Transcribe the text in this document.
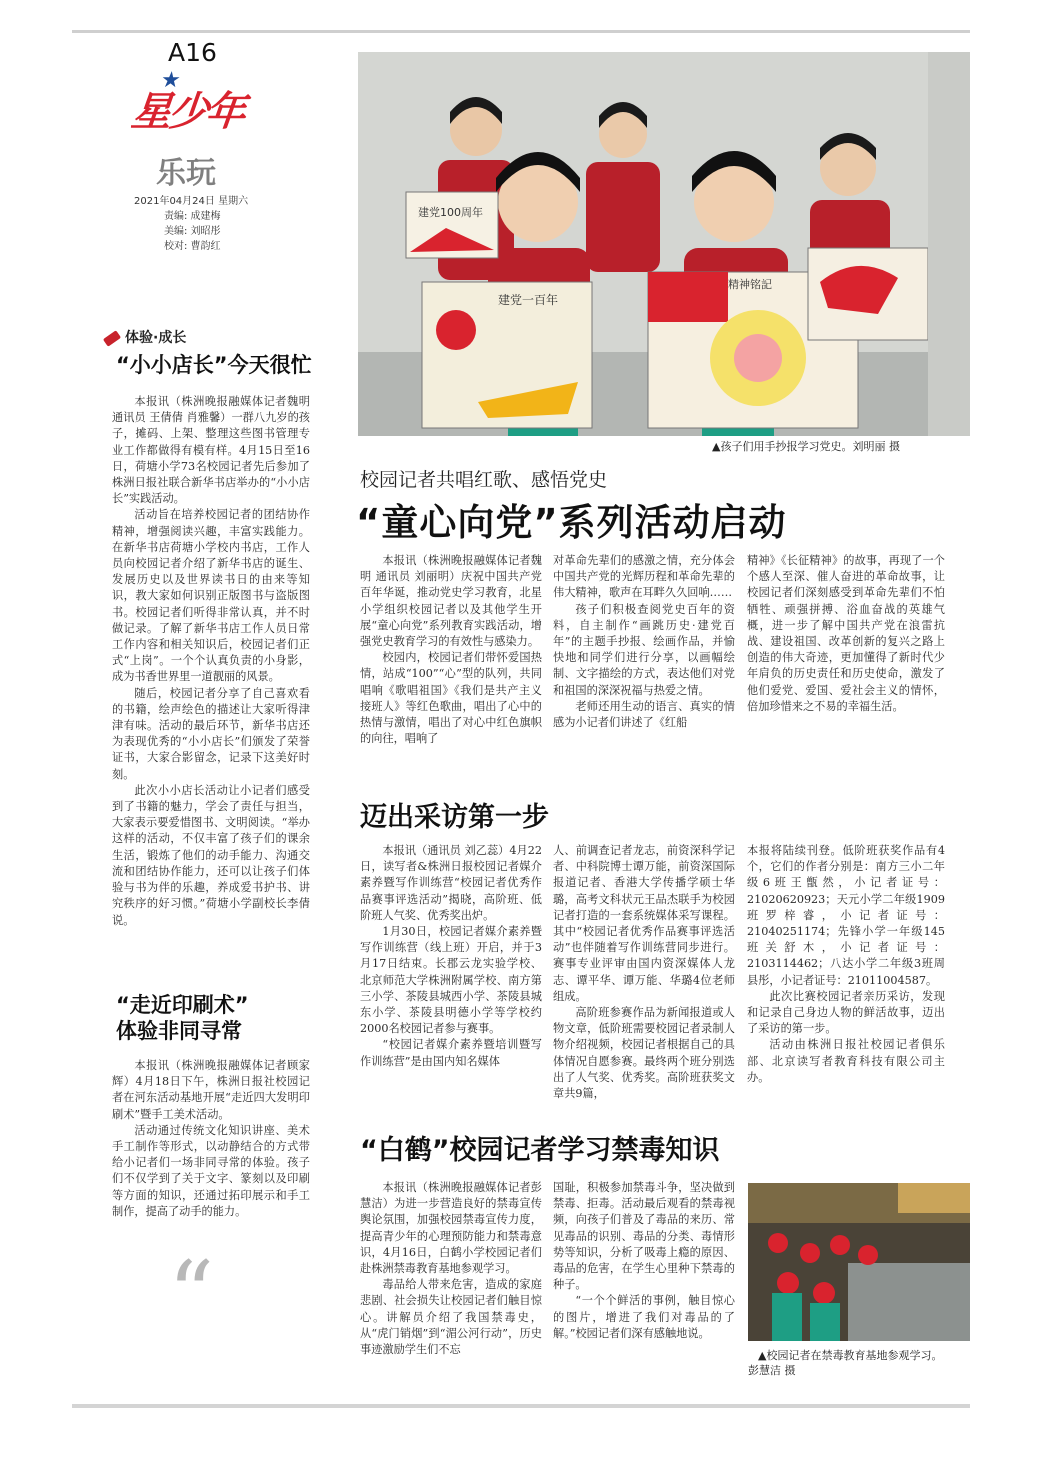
A16
星少年
★
乐玩
2021年04月24日 星期六
责编: 成建梅
美编: 刘昭彤
校对: 曹韵红
体验·成长
“小小店长”今天很忙

本报讯（株洲晚报融媒体记者魏明 通讯员 王倩倩 肖雅馨）一群八九岁的孩子，摊码、上架、整理这些图书管理专业工作都做得有模有样。4月15日至16日，荷塘小学73名校园记者先后参加了株洲日报社联合新华书店举办的“小小店长”实践活动。

活动旨在培养校园记者的团结协作精神，增强阅读兴趣，丰富实践能力。在新华书店荷塘小学校内书店，工作人员向校园记者介绍了新华书店的诞生、发展历史以及世界读书日的由来等知识，教大家如何识别正版图书与盗版图书。校园记者们听得非常认真，并不时做记录。了解了新华书店工作人员日常工作内容和相关知识后，校园记者们正式“上岗”。一个个认真负责的小身影，成为书香世界里一道靓丽的风景。

随后，校园记者分享了自己喜欢看的书籍，绘声绘色的描述让大家听得津津有味。活动的最后环节，新华书店还为表现优秀的“小小店长”们颁发了荣誉证书，大家合影留念，记录下这美好时刻。

此次小小店长活动让小记者们感受到了书籍的魅力，学会了责任与担当，大家表示要爱惜图书、文明阅读。“举办这样的活动，不仅丰富了孩子们的课余生活，锻炼了他们的动手能力、沟通交流和团结协作能力，还可以让孩子们体验与书为伴的乐趣，养成爱书护书、讲究秩序的好习惯。”荷塘小学副校长李倩说。

“走近印刷术”
体验非同寻常

本报讯（株洲晚报融媒体记者顾家辉）4月18日下午，株洲日报社校园记者在河东活动基地开展“走近四大发明印刷术”暨手工美术活动。

活动通过传统文化知识讲座、美术手工制作等形式，以动静结合的方式带给小记者们一场非同寻常的体验。孩子们不仅学到了关于文字、篆刻以及印刷等方面的知识，还通过拓印展示和手工制作，提高了动手的能力。

“
建党100周年
建党一百年
精神铭記
▲孩子们用手抄报学习党史。刘明丽 摄
校园记者共唱红歌、感悟党史
“童心向党”系列活动启动

本报讯（株洲晚报融媒体记者魏明 通讯员 刘丽明）庆祝中国共产党百年华诞，推动党史学习教育，北星小学组织校园记者以及其他学生开展“童心向党”系列教育实践活动，增强党史教育学习的有效性与感染力。

校园内，校园记者们带怀爱国热情，站成“100”“心”型的队列，共同唱响《歌唱祖国》《我们是共产主义接班人》等红色歌曲，唱出了心中的热情与激情，唱出了对心中红色旗帜的向往，唱响了

对革命先辈们的感激之情，充分体会中国共产党的光辉历程和革命先辈的伟大精神，歌声在耳畔久久回响……

孩子们积极查阅党史百年的资料，自主制作“画跳历史·建党百年”的主题手抄报、绘画作品，并愉快地和同学们进行分享，以画幅绘制、文字描绘的方式，表达他们对党和祖国的深深祝福与热爱之情。

老师还用生动的语言、真实的情感为小记者们讲述了《红船

精神》《长征精神》的故事，再现了一个个感人至深、催人奋进的革命故事，让校园记者们深刻感受到革命先辈们不怕牺牲、顽强拼搏、浴血奋战的英雄气概，进一步了解中国共产党在浪雷抗战、建设祖国、改革创新的复兴之路上创造的伟大奇迹，更加懂得了新时代少年肩负的历史责任和历史使命，激发了他们爱党、爱国、爱社会主义的情怀，倍加珍惜来之不易的幸福生活。

迈出采访第一步

本报讯（通讯员 刘乙蕊）4月22日，读写者&株洲日报校园记者媒介素养暨写作训练营“校园记者优秀作品赛事评选活动”揭晓，高阶班、低阶班人气奖、优秀奖出炉。

1月30日，校园记者媒介素养暨写作训练营（线上班）开启，并于3月17日结束。长郡云龙实验学校、北京师范大学株洲附属学校、南方第三小学、茶陵县城西小学、茶陵县城东小学、茶陵县明德小学等学校约2000名校园记者参与赛事。

“校园记者媒介素养暨培训暨写作训练营”是由国内知名媒体

人、前调查记者龙志，前资深科学记者、中科院博士谭万能，前资深国际报道记者、香港大学传播学硕士华璐，高考文科状元王品杰联手为校园记者打造的一套系统媒体采写课程。其中“校园记者优秀作品赛事评选活动”也伴随着写作训练营同步进行。赛事专业评审由国内资深媒体人龙志、谭平华、谭万能、华璐4位老师组成。

高阶班参赛作品为新闻报道或人物文章，低阶班需要校园记者录制人物介绍视频，校园记者根据自己的具体情况自愿参赛。最终两个班分别选出了人气奖、优秀奖。高阶班获奖文章共9篇，

本报将陆续刊登。低阶班获奖作品有4个，它们的作者分别是：南方三小二年级6班王甑然，小记者证号：21020620923；天元小学二年级1909班罗梓睿，小记者证号：21040251174；先锋小学一年级145班关舒木，小记者证号：2103114462；八达小学二年级3班周县彤，小记者证号：21011004587。

此次比赛校园记者亲历采访，发现和记录自己身边人物的鲜活故事，迈出了采访的第一步。

活动由株洲日报社校园记者俱乐部、北京读写者教育科技有限公司主办。

“白鹤”校园记者学习禁毒知识

本报讯（株洲晚报融媒体记者彭慧洁）为进一步营造良好的禁毒宣传舆论氛围，加强校园禁毒宣传力度，提高青少年的心理预防能力和禁毒意识，4月16日，白鹤小学校园记者们赴株洲禁毒教育基地参观学习。

毒品给人带来危害，造成的家庭悲剧、社会损失让校园记者们触目惊心。讲解员介绍了我国禁毒史，从“虎门销烟”到“湄公河行动”，历史事迹激励学生们不忘

国耻，积极参加禁毒斗争，坚决做到禁毒、拒毒。活动最后观看的禁毒视频，向孩子们普及了毒品的来历、常见毒品的识别、毒品的分类、毒情形势等知识，分析了吸毒上瘾的原因、毒品的危害，在学生心里种下禁毒的种子。

“一个个鲜活的事例，触目惊心的图片，增进了我们对毒品的了解。”校园记者们深有感触地说。

▲校园记者在禁毒教育基地参观学习。
彭慧洁 摄
